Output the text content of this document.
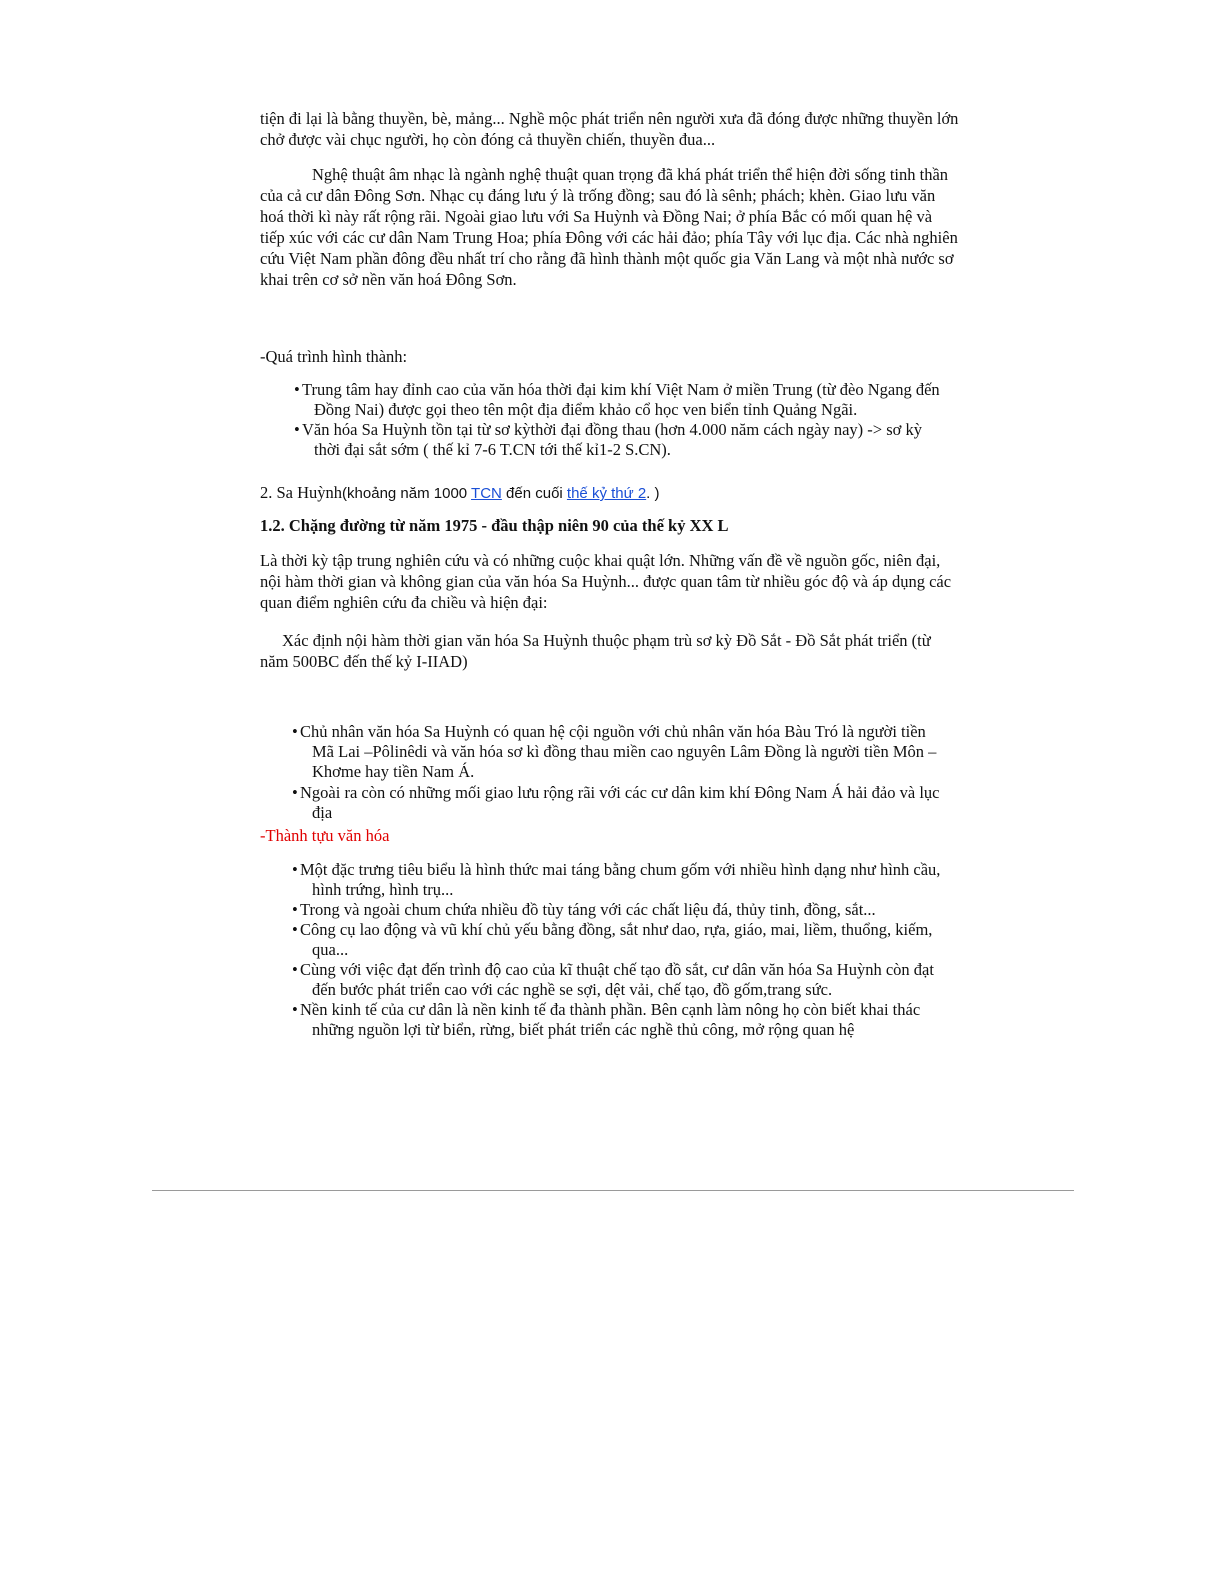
tiện đi lại là bằng thuyền, bè, mảng... Nghề mộc phát triển nên người xưa đã đóng được những thuyền lớn chở được vài chục người, họ còn đóng cả thuyền chiến, thuyền đua...

Nghệ thuật âm nhạc là ngành nghệ thuật quan trọng đã khá phát triển thể hiện đời sống tinh thần của cả cư dân Đông Sơn. Nhạc cụ đáng lưu ý là trống đồng; sau đó là sênh; phách; khèn. Giao lưu văn hoá thời kì này rất rộng rãi. Ngoài giao lưu với Sa Huỳnh và Đồng Nai; ở phía Bắc có mối quan hệ và tiếp xúc với các cư dân Nam Trung Hoa; phía Đông với các hải đảo; phía Tây với lục địa. Các nhà nghiên cứu Việt Nam phần đông đều nhất trí cho rằng đã hình thành một quốc gia Văn Lang và một nhà nước sơ khai trên cơ sở nền văn hoá Đông Sơn.

-Quá trình hình thành:

• Trung tâm hay đỉnh cao của văn hóa thời đại kim khí Việt Nam ở miền Trung (từ đèo Ngang đến Đồng Nai) được gọi theo tên một địa điểm khảo cổ học ven biển tỉnh Quảng Ngãi.
• Văn hóa Sa Huỳnh tồn tại từ sơ kỳthời đại đồng thau (hơn 4.000 năm cách ngày nay) -> sơ kỳ thời đại sắt sớm ( thế kỉ 7-6 T.CN tới thế kỉ1-2 S.CN).

2. Sa Huỳnh(khoảng năm 1000 TCN đến cuối thế kỷ thứ 2. )

1.2. Chặng đường từ năm 1975 - đầu thập niên 90 của thế kỷ XX L

Là thời kỳ tập trung nghiên cứu và có những cuộc khai quật lớn. Những vấn đề về nguồn gốc, niên đại, nội hàm thời gian và không gian của văn hóa Sa Huỳnh... được quan tâm từ nhiều góc độ và áp dụng các quan điểm nghiên cứu đa chiều và hiện đại:

Xác định nội hàm thời gian văn hóa Sa Huỳnh thuộc phạm trù sơ kỳ Đồ Sắt - Đồ Sắt phát triển (từ năm 500BC đến thế kỷ I-IIAD)

• Chủ nhân văn hóa Sa Huỳnh có quan hệ cội nguồn với chủ nhân văn hóa Bàu Tró là người tiền Mã Lai –Pôlinêdi và văn hóa sơ kì đồng thau miền cao nguyên Lâm Đồng là người tiền Môn –Khơme hay tiền Nam Á.
• Ngoài ra còn có những mối giao lưu rộng rãi với các cư dân kim khí Đông Nam Á hải đảo và lục địa

-Thành tựu văn hóa

• Một đặc trưng tiêu biểu là hình thức mai táng bằng chum gốm với nhiều hình dạng như hình cầu, hình trứng, hình trụ...
• Trong và ngoài chum chứa nhiều đồ tùy táng với các chất liệu đá, thủy tinh, đồng, sắt...
• Công cụ lao động và vũ khí chủ yếu bằng đồng, sắt như dao, rựa, giáo, mai, liềm, thuổng, kiếm, qua...
• Cùng với việc đạt đến trình độ cao của kĩ thuật chế tạo đồ sắt, cư dân văn hóa Sa Huỳnh còn đạt đến bước phát triển cao với các nghề se sợi, dệt vải, chế tạo, đồ gốm,trang sức.
• Nền kinh tế của cư dân là nền kinh tế đa thành phần. Bên cạnh làm nông họ còn biết khai thác những nguồn lợi từ biển, rừng, biết phát triển các nghề thủ công, mở rộng quan hệ
